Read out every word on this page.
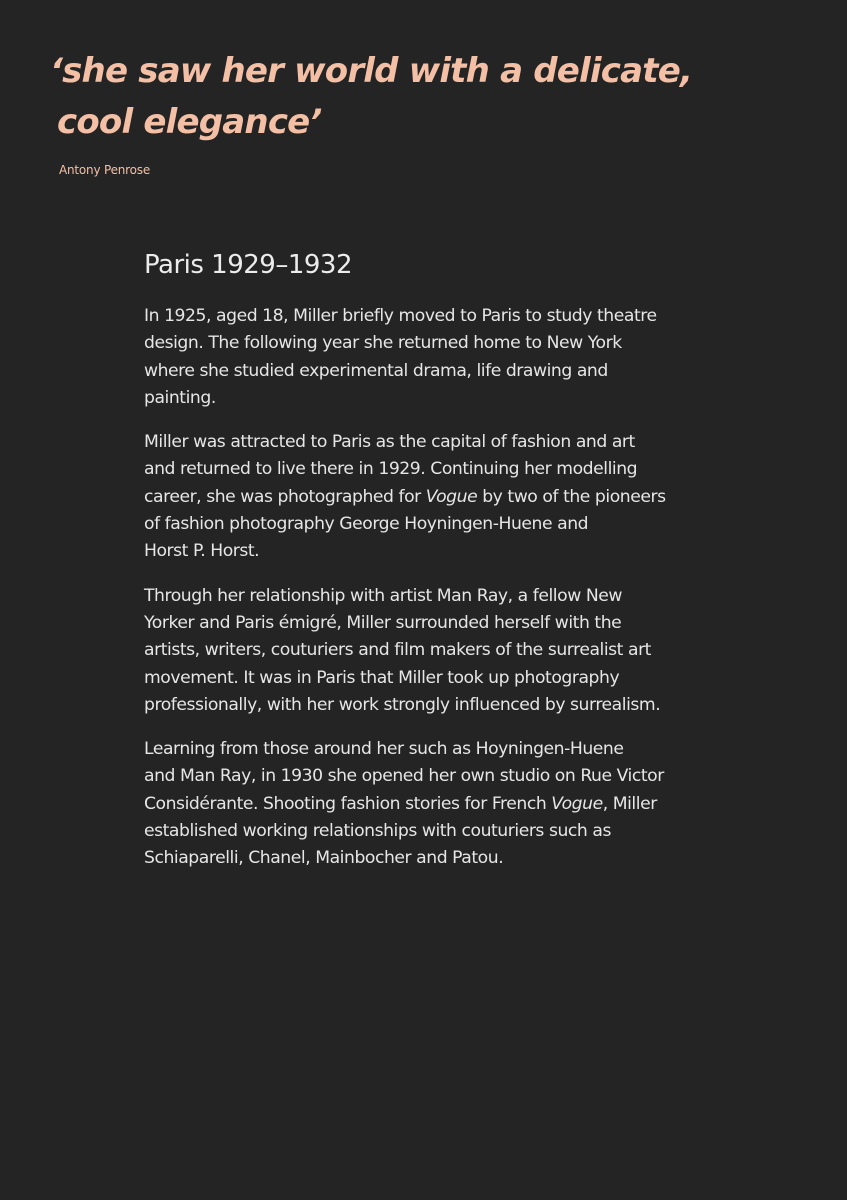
‘she saw her world with a delicate,
cool elegance’

Antony Penrose

Paris 1929–1932

In 1925, aged 18, Miller briefly moved to Paris to study theatre
design. The following year she returned home to New York
where she studied experimental drama, life drawing and
painting.

Miller was attracted to Paris as the capital of fashion and art
and returned to live there in 1929. Continuing her modelling
career, she was photographed for Vogue by two of the pioneers
of fashion photography George Hoyningen-Huene and
Horst P. Horst.

Through her relationship with artist Man Ray, a fellow New
Yorker and Paris émigré, Miller surrounded herself with the
artists, writers, couturiers and film makers of the surrealist art
movement. It was in Paris that Miller took up photography
professionally, with her work strongly influenced by surrealism.

Learning from those around her such as Hoyningen-Huene
and Man Ray, in 1930 she opened her own studio on Rue Victor
Considérante. Shooting fashion stories for French Vogue, Miller
established working relationships with couturiers such as
Schiaparelli, Chanel, Mainbocher and Patou.
